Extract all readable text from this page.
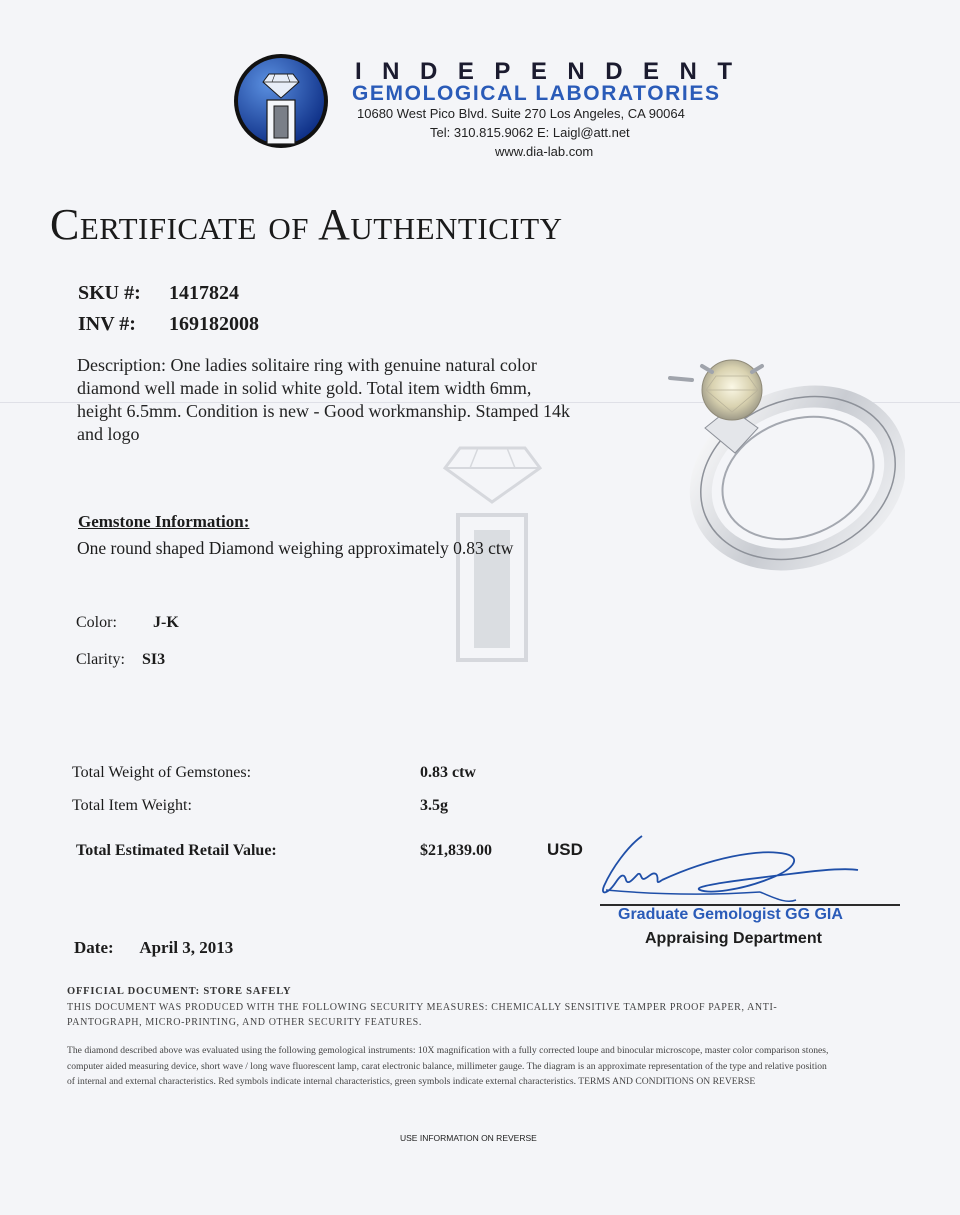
INDEPENDENT
GEMOLOGICAL LABORATORIES
10680 West Pico Blvd. Suite 270 Los Angeles, CA 90064
Tel: 310.815.9062 E: Laigl@att.net
www.dia-lab.com
Certificate of Authenticity
SKU #: 1417824
INV #: 169182008
Description: One ladies solitaire ring with genuine natural color diamond well made in solid white gold. Total item width 6mm, height 6.5mm. Condition is new - Good workmanship. Stamped 14k and logo
Gemstone Information:
One round shaped Diamond weighing approximately 0.83 ctw
Color: J-K
Clarity: SI3
Total Weight of Gemstones:	0.83 ctw
Total Item Weight:	3.5g
Total Estimated Retail Value:	$21,839.00	USD
Graduate Gemologist GG GIA
Appraising Department
Date: April 3, 2013
OFFICIAL DOCUMENT: STORE SAFELY
THIS DOCUMENT WAS PRODUCED WITH THE FOLLOWING SECURITY MEASURES: CHEMICALLY SENSITIVE TAMPER PROOF PAPER, ANTI-PANTOGRAPH, MICRO-PRINTING, AND OTHER SECURITY FEATURES.
The diamond described above was evaluated using the following gemological instruments: 10X magnification with a fully corrected loupe and binocular microscope, master color comparison stones, computer aided measuring device, short wave / long wave fluorescent lamp, carat electronic balance, millimeter gauge. The diagram is an approximate representation of the type and relative position of internal and external characteristics. Red symbols indicate internal characteristics, green symbols indicate external characteristics. TERMS AND CONDITIONS ON REVERSE
USE INFORMATION ON REVERSE
